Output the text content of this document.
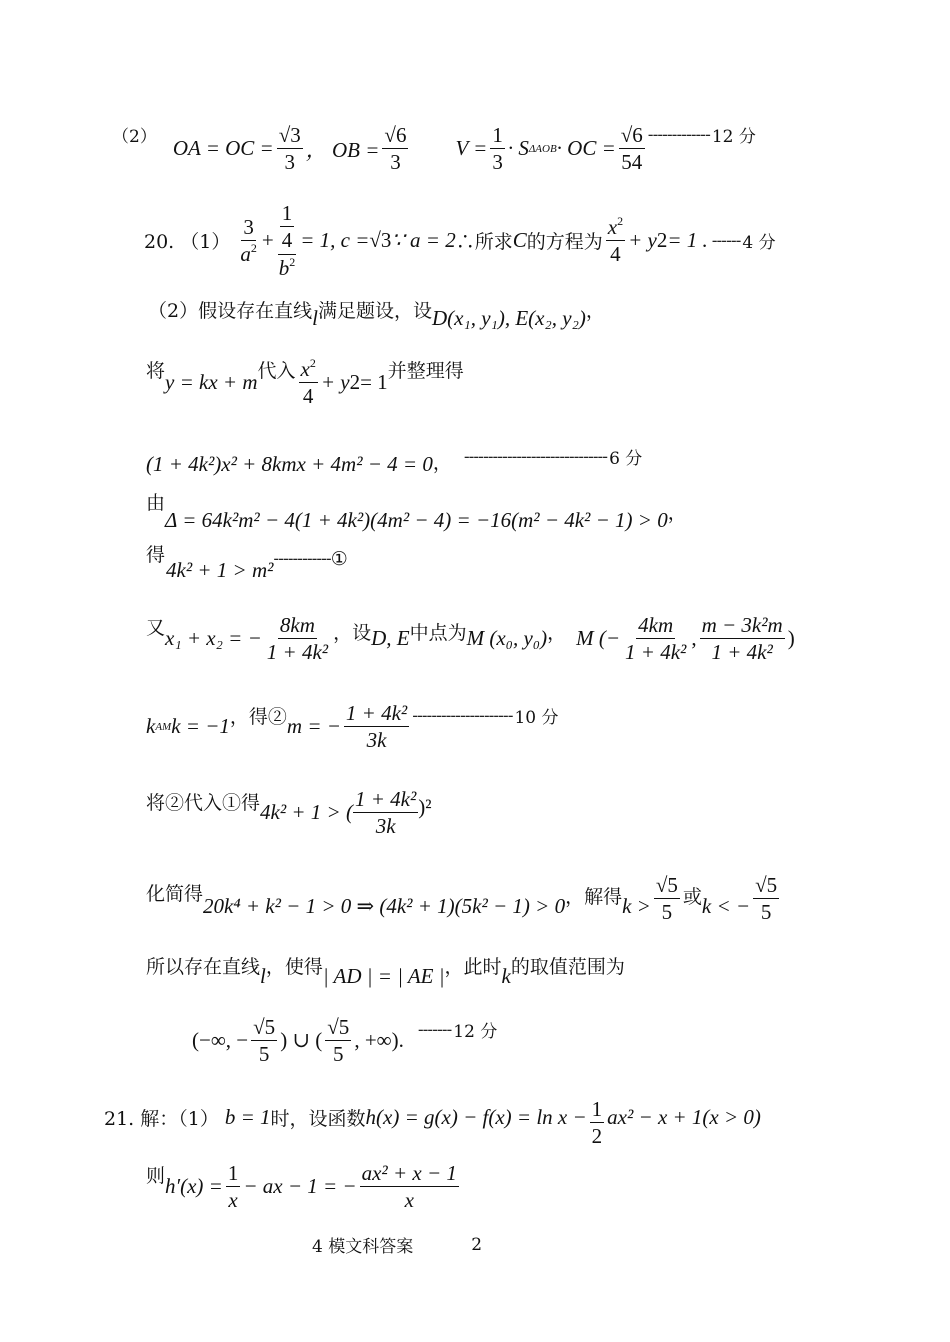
（2） OA = OC = $\frac{√3}{3}$ ， OB = $\frac{√6}{3}$ $V = \frac{1}{3} \cdot S$ ΔAOB · OC = $\frac{√6}{54}$ ------------- 12 分
20. $(1) \frac{3}{a^2} + \frac{\frac{1}{4}}{b^2} = 1$, c = √3 ∵ a = 2 ∴所求 C 的方程为 $\frac{x^2}{4} + y$ 2 = 1 . ------ 4 分
（2）假设存在直线 l 满足题设，设 D(x₁, y₁), E(x₂, y₂) ，
将 y = kx + m 代入 $\frac{x^2}{4} + y$ 2 = 1 并整理得
(1 + 4k²)x² + 8kmx + 4m² − 4 = 0 ， ------------------------------ 6 分
由
Δ = 64k²m² − 4(1 + 4k²)(4m² − 4) = −16(m² − 4k² − 1) > 0 ，
得
4k² + 1 > m² ------------ ①
又 x₁ + x₂ = − $\frac{8km}{\text{1 + 4k²}}$ ，设 D, E 中点为 M (x₀, y₀) ， M (− $\frac{4km}{\text{1 + 4k²}}$ , $\frac{\text{m − 3k²m}}{\text{1 + 4k²}}$ )
k AM k = −1 ，得② m = − $\frac{\text{1 + 4k²}}{3k}$ --------------------- 10 分
将②代入①得 4k² + 1 > ( $\frac{\text{1 + 4k²}}{3k} )^2$
化简得 20k⁴ + k² − 1 > 0 ⇒ (4k² + 1)(5k² − 1) > 0 ，解得 $k > \frac{√5}{5}$ 或 k < − $\frac{√5}{5}$
所以存在直线 l ，使得 | AD | = | AE | ，此时 k 的取值范围为
(−∞, − $\frac{√5}{5}$ ) ∪ ( $\frac{√5}{5}$ , +∞) . ------- 12 分
21. 解：（1） b = 1 时，设函数 $h(x) = g(x) - f(x) = \ln x - \frac{1}{2} ax^2 - x + 1(x > 0)$
则 $h'(x) = \frac{1}{x}$ − ax − 1 = − $\frac{\text{ax² + x − 1}}{x}$
4 模文科答案	2
